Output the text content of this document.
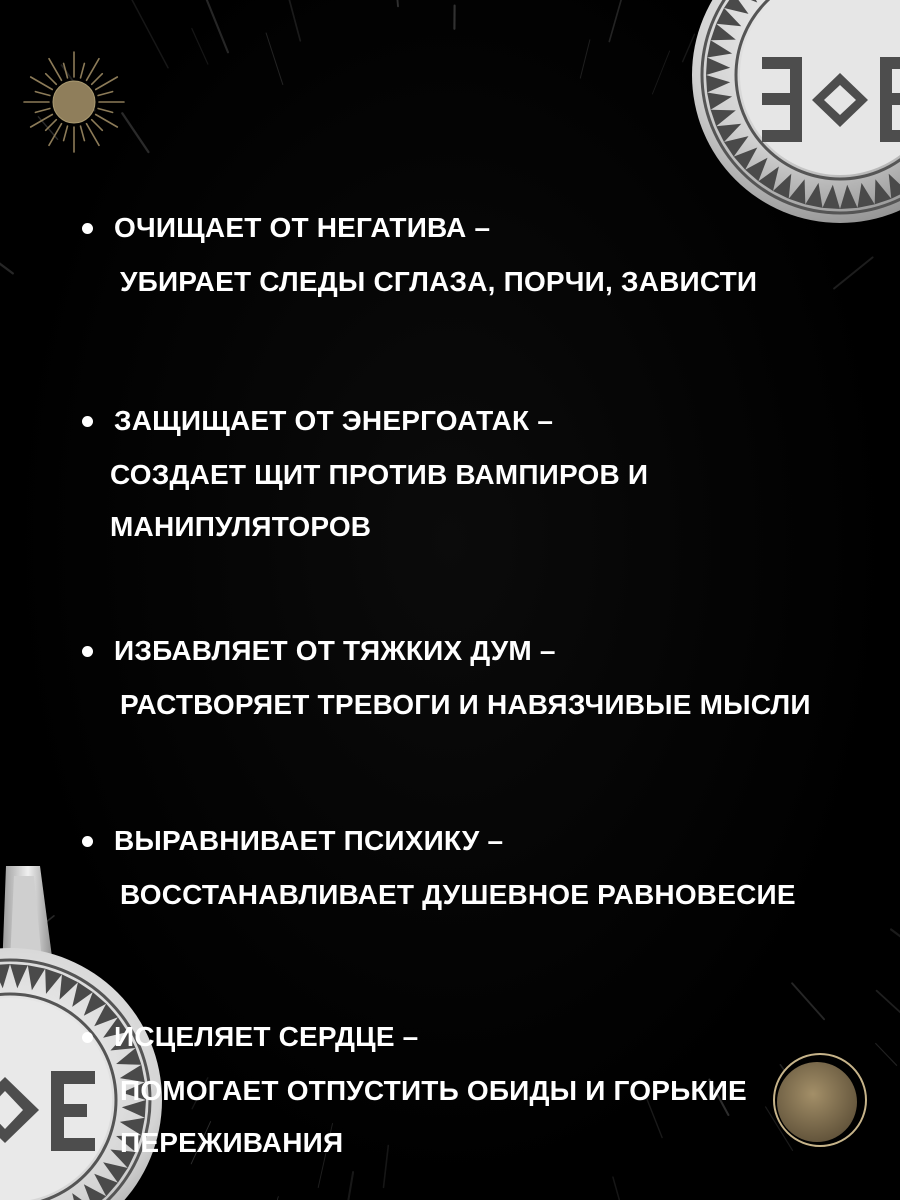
ОЧИЩАЕТ ОТ НЕГАТИВА –
УБИРАЕТ СЛЕДЫ СГЛАЗА, ПОРЧИ, ЗАВИСТИ
ЗАЩИЩАЕТ ОТ ЭНЕРГОАТАК –
СОЗДАЕТ ЩИТ ПРОТИВ ВАМПИРОВ И МАНИПУЛЯТОРОВ
ИЗБАВЛЯЕТ ОТ ТЯЖКИХ ДУМ –
РАСТВОРЯЕТ ТРЕВОГИ И НАВЯЗЧИВЫЕ МЫСЛИ
ВЫРАВНИВАЕТ ПСИХИКУ –
ВОССТАНАВЛИВАЕТ ДУШЕВНОЕ РАВНОВЕСИЕ
ИСЦЕЛЯЕТ СЕРДЦЕ –
ПОМОГАЕТ ОТПУСТИТЬ ОБИДЫ И ГОРЬКИЕ ПЕРЕЖИВАНИЯ
